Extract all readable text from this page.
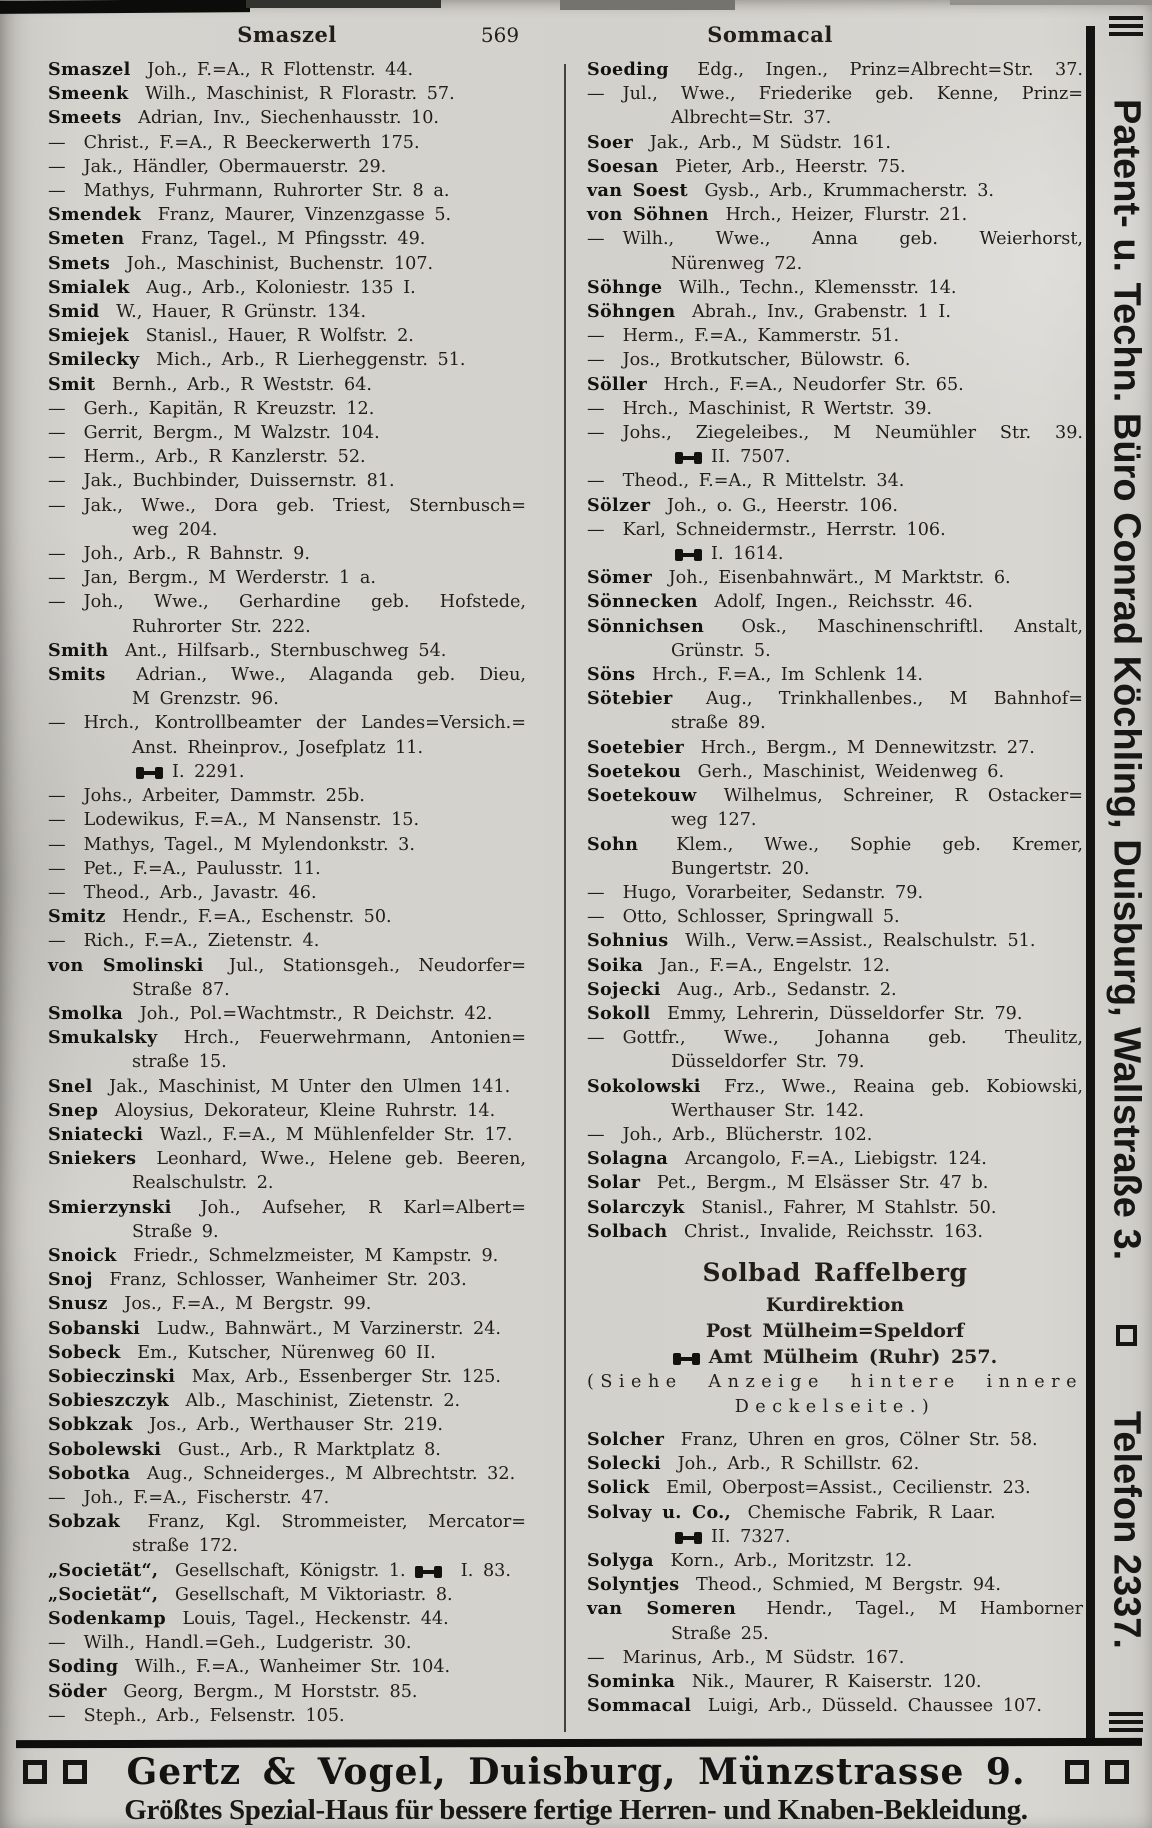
Smaszel	569	Sommacal
Smaszel Joh., F.=A., R Flottenstr. 44.
Smeenk Wilh., Maschinist, R Florastr. 57.
Smeets Adrian, Inv., Siechenhausstr. 10.
— Christ., F.=A., R Beeckerwerth 175.
— Jak., Händler, Obermauerstr. 29.
— Mathys, Fuhrmann, Ruhrorter Str. 8 a.
Smendek Franz, Maurer, Vinzenzgasse 5.
Smeten Franz, Tagel., M Pfingsstr. 49.
Smets Joh., Maschinist, Buchenstr. 107.
Smialek Aug., Arb., Koloniestr. 135 I.
Smid W., Hauer, R Grünstr. 134.
Smiejek Stanisl., Hauer, R Wolfstr. 2.
Smilecky Mich., Arb., R Lierheggenstr. 51.
Smit Bernh., Arb., R Weststr. 64.
— Gerh., Kapitän, R Kreuzstr. 12.
— Gerrit, Bergm., M Walzstr. 104.
— Herm., Arb., R Kanzlerstr. 52.
— Jak., Buchbinder, Duissernstr. 81.
— Jak., Wwe., Dora geb. Triest, Sternbusch=
weg 204.
— Joh., Arb., R Bahnstr. 9.
— Jan, Bergm., M Werderstr. 1 a.
— Joh., Wwe., Gerhardine geb. Hofstede,
Ruhrorter Str. 222.
Smith Ant., Hilfsarb., Sternbuschweg 54.
Smits Adrian., Wwe., Alaganda geb. Dieu,
M Grenzstr. 96.
— Hrch., Kontrollbeamter der Landes=Versich.=
Anst. Rheinprov., Josefplatz 11.
I. 2291.
— Johs., Arbeiter, Dammstr. 25b.
— Lodewikus, F.=A., M Nansenstr. 15.
— Mathys, Tagel., M Mylendonkstr. 3.
— Pet., F.=A., Paulusstr. 11.
— Theod., Arb., Javastr. 46.
Smitz Hendr., F.=A., Eschenstr. 50.
— Rich., F.=A., Zietenstr. 4.
von Smolinski Jul., Stationsgeh., Neudorfer=
Straße 87.
Smolka Joh., Pol.=Wachtmstr., R Deichstr. 42.
Smukalsky Hrch., Feuerwehrmann, Antonien=
straße 15.
Snel Jak., Maschinist, M Unter den Ulmen 141.
Snep Aloysius, Dekorateur, Kleine Ruhrstr. 14.
Sniatecki Wazl., F.=A., M Mühlenfelder Str. 17.
Sniekers Leonhard, Wwe., Helene geb. Beeren,
Realschulstr. 2.
Smierzynski Joh., Aufseher, R Karl=Albert=
Straße 9.
Snoick Friedr., Schmelzmeister, M Kampstr. 9.
Snoj Franz, Schlosser, Wanheimer Str. 203.
Snusz Jos., F.=A., M Bergstr. 99.
Sobanski Ludw., Bahnwärt., M Varzinerstr. 24.
Sobeck Em., Kutscher, Nürenweg 60 II.
Sobieczinski Max, Arb., Essenberger Str. 125.
Sobieszczyk Alb., Maschinist, Zietenstr. 2.
Sobkzak Jos., Arb., Werthauser Str. 219.
Sobolewski Gust., Arb., R Marktplatz 8.
Sobotka Aug., Schneiderges., M Albrechtstr. 32.
— Joh., F.=A., Fischerstr. 47.
Sobzak Franz, Kgl. Strommeister, Mercator=
straße 172.
„Societät“, Gesellschaft, Königstr. 1.	I. 83.
„Societät“, Gesellschaft, M Viktoriastr. 8.
Sodenkamp Louis, Tagel., Heckenstr. 44.
— Wilh., Handl.=Geh., Ludgeristr. 30.
Soding Wilh., F.=A., Wanheimer Str. 104.
Söder Georg, Bergm., M Horststr. 85.
— Steph., Arb., Felsenstr. 105.
Soeding Edg., Ingen., Prinz=Albrecht=Str. 37.
— Jul., Wwe., Friederike geb. Kenne, Prinz=
Albrecht=Str. 37.
Soer Jak., Arb., M Südstr. 161.
Soesan Pieter, Arb., Heerstr. 75.
van Soest Gysb., Arb., Krummacherstr. 3.
von Söhnen Hrch., Heizer, Flurstr. 21.
— Wilh., Wwe., Anna geb. Weierhorst,
Nürenweg 72.
Söhnge Wilh., Techn., Klemensstr. 14.
Söhngen Abrah., Inv., Grabenstr. 1 I.
— Herm., F.=A., Kammerstr. 51.
— Jos., Brotkutscher, Bülowstr. 6.
Söller Hrch., F.=A., Neudorfer Str. 65.
— Hrch., Maschinist, R Wertstr. 39.
— Johs., Ziegeleibes., M Neumühler Str. 39.
II. 7507.
— Theod., F.=A., R Mittelstr. 34.
Sölzer Joh., o. G., Heerstr. 106.
— Karl, Schneidermstr., Herrstr. 106.
I. 1614.
Sömer Joh., Eisenbahnwärt., M Marktstr. 6.
Sönnecken Adolf, Ingen., Reichsstr. 46.
Sönnichsen Osk., Maschinenschriftl. Anstalt,
Grünstr. 5.
Söns Hrch., F.=A., Im Schlenk 14.
Sötebier Aug., Trinkhallenbes., M Bahnhof=
straße 89.
Soetebier Hrch., Bergm., M Dennewitzstr. 27.
Soetekou Gerh., Maschinist, Weidenweg 6.
Soetekouw Wilhelmus, Schreiner, R Ostacker=
weg 127.
Sohn Klem., Wwe., Sophie geb. Kremer,
Bungertstr. 20.
— Hugo, Vorarbeiter, Sedanstr. 79.
— Otto, Schlosser, Springwall 5.
Sohnius Wilh., Verw.=Assist., Realschulstr. 51.
Soika Jan., F.=A., Engelstr. 12.
Sojecki Aug., Arb., Sedanstr. 2.
Sokoll Emmy, Lehrerin, Düsseldorfer Str. 79.
— Gottfr., Wwe., Johanna geb. Theulitz,
Düsseldorfer Str. 79.
Sokolowski Frz., Wwe., Reaina geb. Kobiowski,
Werthauser Str. 142.
— Joh., Arb., Blücherstr. 102.
Solagna Arcangolo, F.=A., Liebigstr. 124.
Solar Pet., Bergm., M Elsässer Str. 47 b.
Solarczyk Stanisl., Fahrer, M Stahlstr. 50.
Solbach Christ., Invalide, Reichsstr. 163.
Solbad Raffelberg
Kurdirektion
Post Mülheim=Speldorf
Amt Mülheim (Ruhr) 257.
(Siehe Anzeige hintere innere
Deckelseite.)
Solcher Franz, Uhren en gros, Cölner Str. 58.
Solecki Joh., Arb., R Schillstr. 62.
Solick Emil, Oberpost=Assist., Cecilienstr. 23.
Solvay u. Co., Chemische Fabrik, R Laar.
II. 7327.
Solyga Korn., Arb., Moritzstr. 12.
Solyntjes Theod., Schmied, M Bergstr. 94.
van Someren Hendr., Tagel., M Hamborner
Straße 25.
— Marinus, Arb., M Südstr. 167.
Sominka Nik., Maurer, R Kaiserstr. 120.
Sommacal Luigi, Arb., Düsseld. Chaussee 107.
Patent- u. Techn. Büro Conrad Köchling, Duisburg, Wallstraße 3.
Telefon 2337.
Gertz & Vogel, Duisburg, Münzstrasse 9.
Größtes Spezial-Haus für bessere fertige Herren- und Knaben-Bekleidung.
